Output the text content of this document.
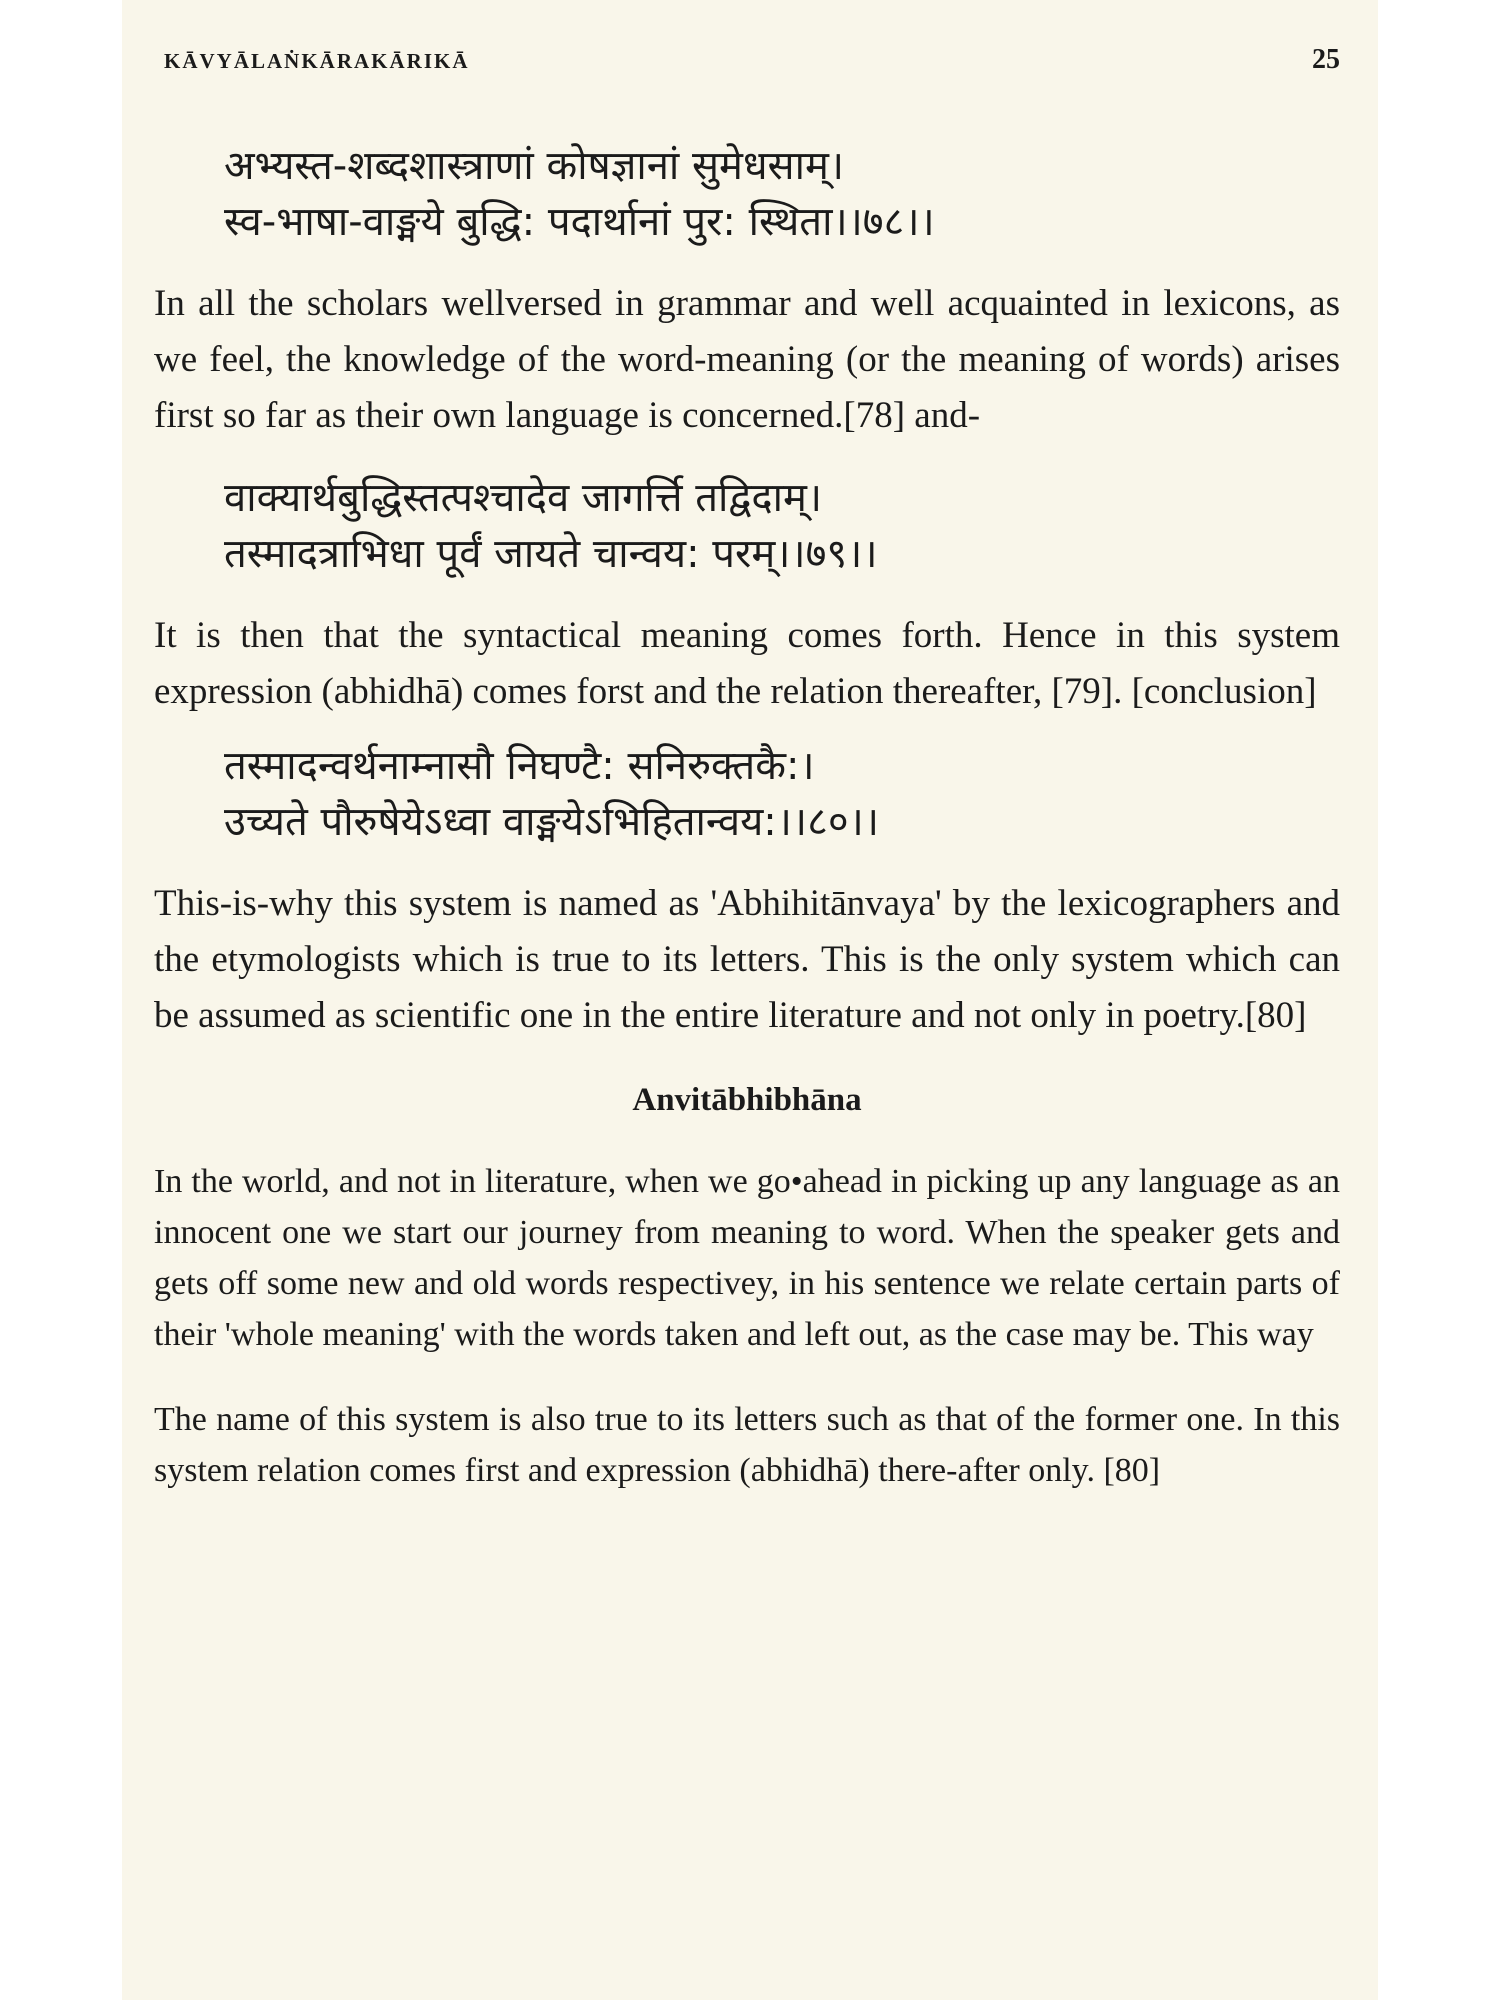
KĀVYĀLAṄKĀRAKĀRIKĀ	25
अभ्यस्त-शब्दशास्त्राणां कोषज्ञानां सुमेधसाम्।
स्व-भाषा-वाङ्मये बुद्धि: पदार्थानां पुर: स्थिता।।७८।।

In all the scholars wellversed in grammar and well acquainted in lexicons, as we feel, the knowledge of the word-meaning (or the meaning of words) arises first so far as their own language is concerned.[78] and-

वाक्यार्थबुद्धिस्तत्पश्चादेव जागर्त्ति तद्विदाम्।
तस्मादत्राभिधा पूर्वं जायते चान्वय: परम्।।७९।।

It is then that the syntactical meaning comes forth. Hence in this system expression (abhidhā) comes forst and the relation thereafter, [79]. [conclusion]

तस्मादन्वर्थनाम्नासौ निघण्टै: सनिरुक्तकै:।
उच्यते पौरुषेयेऽध्वा वाङ्मयेऽभिहितान्वय:।।८०।।

This-is-why this system is named as 'Abhihitānvaya' by the lexicographers and the etymologists which is true to its letters. This is the only system which can be assumed as scientific one in the entire literature and not only in poetry.[80]

Anvitābhibhāna

In the world, and not in literature, when we go•ahead in picking up any language as an innocent one we start our journey from meaning to word. When the speaker gets and gets off some new and old words respectivey, in his sentence we relate certain parts of their 'whole meaning' with the words taken and left out, as the case may be. This way

The name of this system is also true to its letters such as that of the former one. In this system relation comes first and expression (abhidhā) there-after only. [80]
